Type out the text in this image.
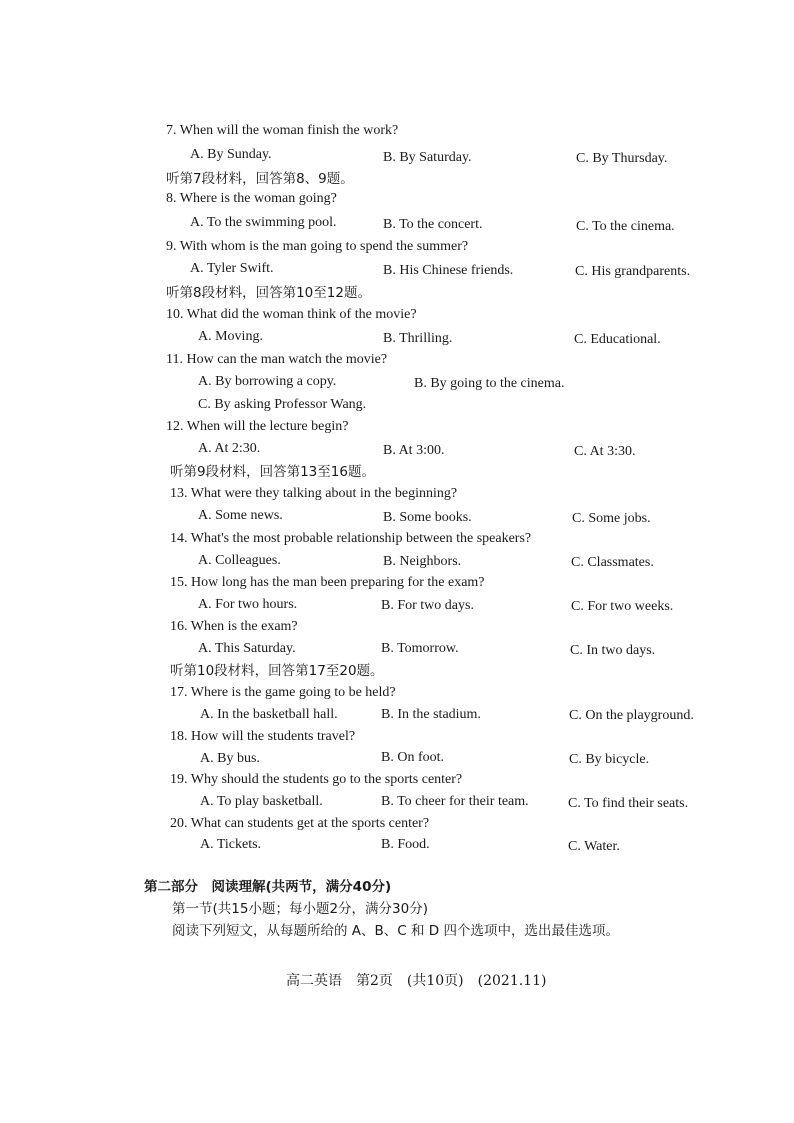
7. When will the woman finish the work?
A. By Sunday.	B. By Saturday.	C. By Thursday.
听第7段材料，回答第8、9题。
8. Where is the woman going?
A. To the swimming pool.	B. To the concert.	C. To the cinema.
9. With whom is the man going to spend the summer?
A. Tyler Swift.	B. His Chinese friends.	C. His grandparents.
听第8段材料，回答第10至12题。
10. What did the woman think of the movie?
A. Moving.	B. Thrilling.	C. Educational.
11. How can the man watch the movie?
A. By borrowing a copy.	B. By going to the cinema.
C. By asking Professor Wang.
12. When will the lecture begin?
A. At 2:30.	B. At 3:00.	C. At 3:30.
听第9段材料，回答第13至16题。
13. What were they talking about in the beginning?
A. Some news.	B. Some books.	C. Some jobs.
14. What's the most probable relationship between the speakers?
A. Colleagues.	B. Neighbors.	C. Classmates.
15. How long has the man been preparing for the exam?
A. For two hours.	B. For two days.	C. For two weeks.
16. When is the exam?
A. This Saturday.	B. Tomorrow.	C. In two days.
听第10段材料，回答第17至20题。
17. Where is the game going to be held?
A. In the basketball hall.	B. In the stadium.	C. On the playground.
18. How will the students travel?
A. By bus.	B. On foot.	C. By bicycle.
19. Why should the students go to the sports center?
A. To play basketball.	B. To cheer for their team.	C. To find their seats.
20. What can students get at the sports center?
A. Tickets.	B. Food.	C. Water.
第二部分　阅读理解(共两节，满分40分)
第一节(共15小题；每小题2分，满分30分)
阅读下列短文，从每题所给的 A、B、C 和 D 四个选项中，选出最佳选项。
高二英语　第2页　(共10页)　(2021.11)
